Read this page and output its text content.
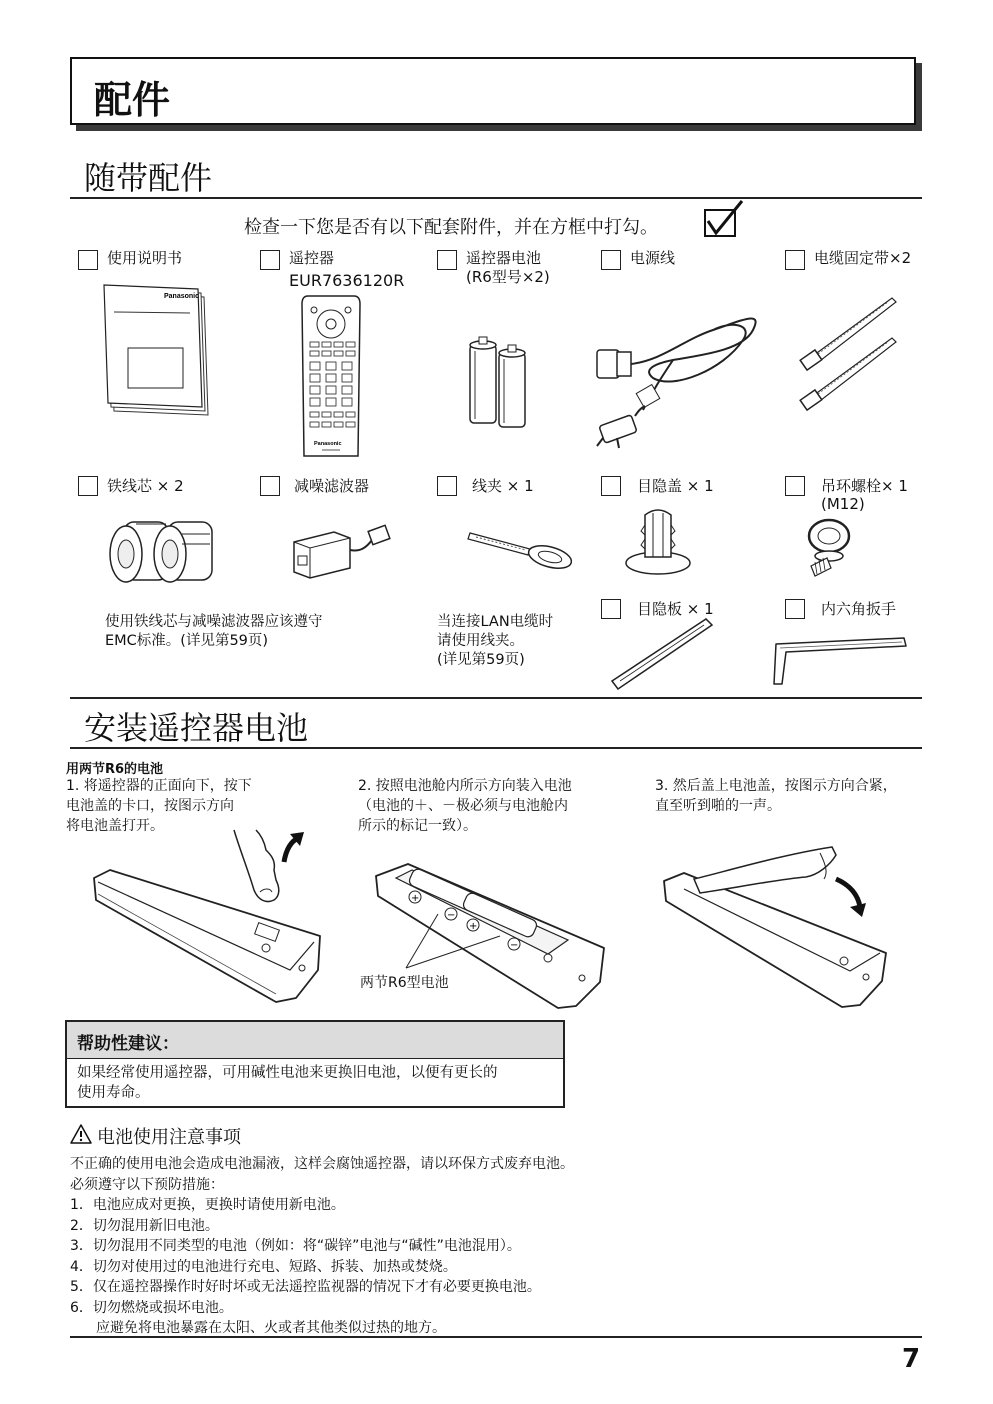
配件
随带配件
检查一下您是否有以下配套附件，并在方框中打勾。
使用说明书	遥控器
EUR7636120R
遥控器电池
(R6型号×2)
电源线	电缆固定带×2
Panasonic
Panasonic
铁线芯 × 2	减噪滤波器	线夹 × 1	目隐盖 × 1	吊环螺栓× 1
(M12)
使用铁线芯与减噪滤波器应该遵守
EMC标准。(详见第59页)
当连接LAN电缆时
请使用线夹。
(详见第59页)
目隐板 × 1	内六角扳手
安装遥控器电池
用两节R6的电池
1. 将遥控器的正面向下，按下
电池盖的卡口，按图示方向
将电池盖打开。
2. 按照电池舱内所示方向装入电池
（电池的＋、－极必须与电池舱内
所示的标记一致）。
3. 然后盖上电池盖，按图示方向合紧，
直至听到啪的一声。
+
−
+
−
两节R6型电池
帮助性建议：
如果经常使用遥控器，可用碱性电池来更换旧电池，以便有更长的
使用寿命。
电池使用注意事项
不正确的使用电池会造成电池漏液，这样会腐蚀遥控器，请以环保方式废弃电池。
必须遵守以下预防措施：
1．电池应成对更换，更换时请使用新电池。
2．切勿混用新旧电池。
3．切勿混用不同类型的电池（例如：将“碳锌”电池与“碱性”电池混用）。
4．切勿对使用过的电池进行充电、短路、拆装、加热或焚烧。
5．仅在遥控器操作时好时坏或无法遥控监视器的情况下才有必要更换电池。
6．切勿燃烧或损坏电池。
应避免将电池暴露在太阳、火或者其他类似过热的地方。
7
